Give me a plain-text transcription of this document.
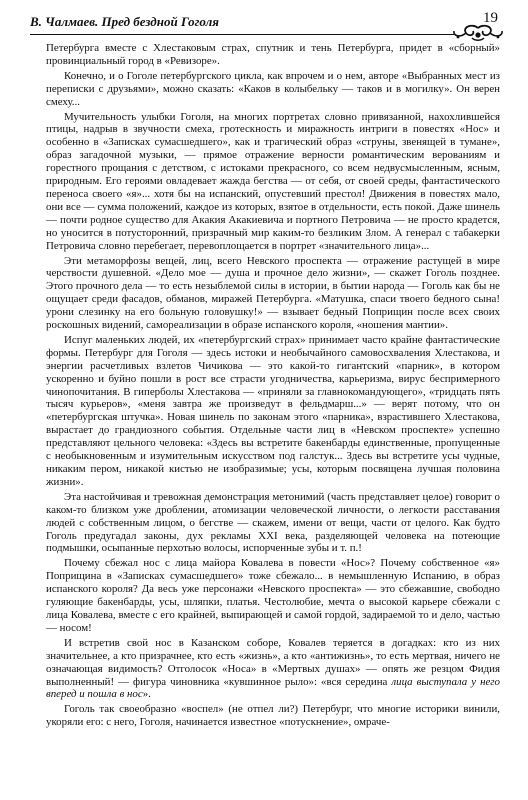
В. Чалмаев. Пред бездной Гоголя	19

Петербурга вместе с Хлестаковым страх, спутник и тень Петербурга, придет в «сборный» провинциальный город в «Ревизоре».

Конечно, и о Гоголе петербургского цикла, как впрочем и о нем, авторе «Выбранных мест из переписки с друзьями», можно сказать: «Каков в колыбельку — таков и в могилку». Он верен смеху...

Мучительность улыбки Гоголя, на многих портретах словно привязанной, нахохлившейся птицы, надрыв в звучности смеха, гротескность и миражность интриги в повестях «Нос» и особенно в «Записках сумасшедшего», как и трагический образ «струны, звенящей в тумане», образ загадочной музыки, — прямое отражение верности романтическим верованиям и горестного прощания с детством, с истоками прекрасного, со всем недвусмысленным, ясным, природным. Его героями овладевает жажда бегства — от себя, от своей среды, фантастического переноса своего «я»... хотя бы на испанский, опустевший престол! Движения в повестях мало, они все — сумма положений, каждое из которых, взятое в отдельности, есть покой. Даже шинель — почти родное существо для Акакия Акакиевича и портного Петровича — не просто крадется, но уносится в потусторонний, призрачный мир каким-то безликим Злом. А генерал с табакерки Петровича словно перебегает, перевоплощается в портрет «значительного лица»...

Эти метаморфозы вещей, лиц, всего Невского проспекта — отражение растущей в мире черствости душевной. «Дело мое — душа и прочное дело жизни», — скажет Гоголь позднее. Этого прочного дела — то есть незыблемой силы в истории, в бытии народа — Гоголь как бы не ощущает среди фасадов, обманов, миражей Петербурга. «Матушка, спаси твоего бедного сына! урони слезинку на его больную головушку!» — взывает бедный Поприщин после всех своих роскошных видений, самореализации в образе испанского короля, «ношения мантии».

Испуг маленьких людей, их «петербургский страх» принимает часто крайне фантастические формы. Петербург для Гоголя — здесь истоки и необычайного самовосхваления Хлестакова, и энергии расчетливых взлетов Чичикова — это какой-то гигантский «парник», в котором ускоренно и буйно пошли в рост все страсти угодничества, карьеризма, вирус беспримерного чинопочитания. В гиперболы Хлестакова — «приняли за главнокомандующего», «тридцать пять тысяч курьеров», «меня завтра же произведут в фельдмарш...» — верят потому, что он «петербургская штучка». Новая шинель по законам этого «парника», взрастившего Хлестакова, вырастает до грандиозного события. Отдельные части лиц в «Невском проспекте» успешно представляют цельного человека: «Здесь вы встретите бакенбарды единственные, пропущенные с необыкновенным и изумительным искусством под галстук... Здесь вы встретите усы чудные, никаким пером, никакой кистью не изобразимые; усы, которым посвящена лучшая половина жизни».

Эта настойчивая и тревожная демонстрация метонимий (часть представляет целое) говорит о каком-то близком уже дроблении, атомизации человеческой личности, о легкости расставания людей с собственным лицом, о бегстве — скажем, имени от вещи, части от целого. Как будто Гоголь предугадал законы, дух рекламы XXI века, разделяющей человека на потеющие подмышки, осыпанные перхотью волосы, испорченные зубы и т. п.!

Почему сбежал нос с лица майора Ковалева в повести «Нос»? Почему собственное «я» Поприщина в «Записках сумасшедшего» тоже сбежало... в немышленную Испанию, в образ испанского короля? Да весь уже персонажи «Невского проспекта» — это сбежавшие, свободно гуляющие бакенбарды, усы, шляпки, платья. Честолюбие, мечта о высокой карьере сбежали с лица Ковалева, вместе с его крайней, выпирающей и самой гордой, задираемой то и дело, частью — носом!

И встретив свой нос в Казанском соборе, Ковалев теряется в догадках: кто из них значительнее, а кто призрачнее, кто есть «жизнь», а кто «антижизнь», то есть мертвая, ничего не означающая видимость? Отголосок «Носа» в «Мертвых душах» — опять же резцом Фидия выполненный! — фигура чиновника «кувшинное рыло»: «вся середина лица выступала у него вперед и пошла в нос».

Гоголь так своеобразно «воспел» (не отпел ли?) Петербург, что многие историки винили, укоряли его: с него, Гоголя, начинается известное «потускнение», омраче-
